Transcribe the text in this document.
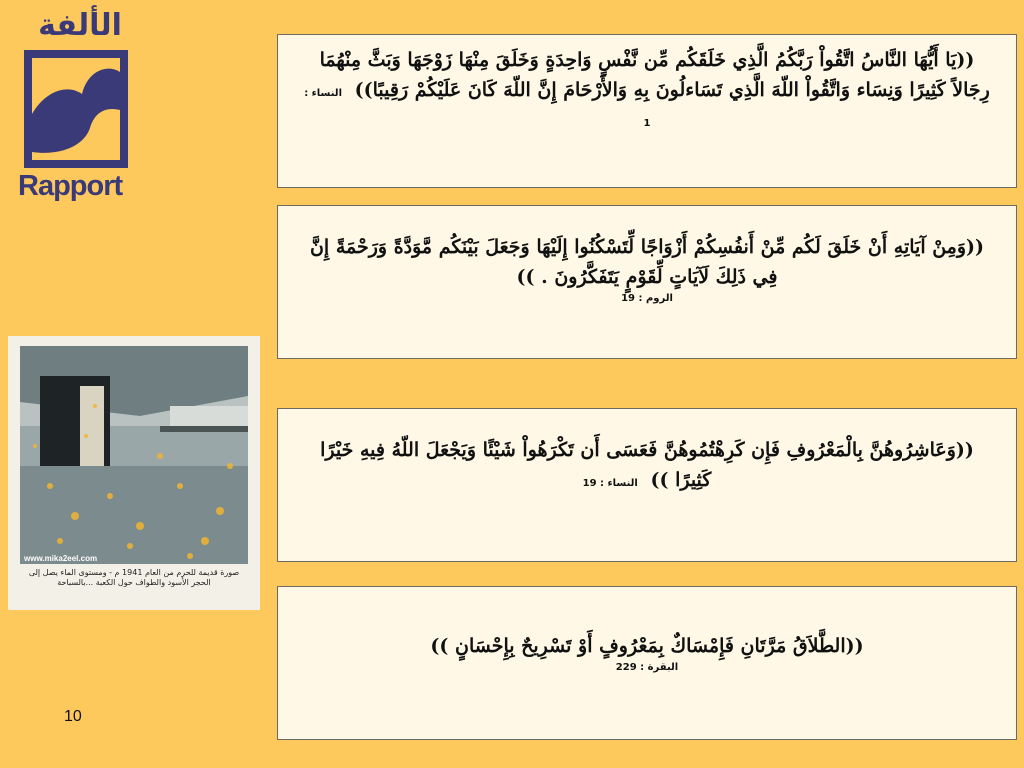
الألفة
Rapport
www.mika2eel.com
صورة قديمة للحرم من العام 1941 م - ومستوى الماء يصل إلى الحجر الأسود والطواف حول الكعبة ...بالسباحة
((يَا أَيُّهَا النَّاسُ اتَّقُواْ رَبَّكُمُ الَّذِي خَلَقَكُم مِّن نَّفْسٍ وَاحِدَةٍ وَخَلَقَ مِنْهَا زَوْجَهَا وَبَثَّ مِنْهُمَا رِجَالاً كَثِيرًا وَنِسَاء وَاتَّقُواْ اللّهَ الَّذِي تَسَاءلُونَ بِهِ وَالأَرْحَامَ إِنَّ اللّهَ كَانَ عَلَيْكُمْ رَقِيبًا)) النساء : 1
((وَمِنْ آيَاتِهِ أَنْ خَلَقَ لَكُم مِّنْ أَنفُسِكُمْ أَزْوَاجًا لِّتَسْكُنُوا إِلَيْهَا وَجَعَلَ بَيْنَكُم مَّوَدَّةً وَرَحْمَةً إِنَّ فِي ذَلِكَ لَآيَاتٍ لِّقَوْمٍ يَتَفَكَّرُونَ . ))
الروم : 19
((وَعَاشِرُوهُنَّ بِالْمَعْرُوفِ فَإِن كَرِهْتُمُوهُنَّ فَعَسَى أَن تَكْرَهُواْ شَيْئًا وَيَجْعَلَ اللّهُ فِيهِ خَيْرًا كَثِيرًا )) النساء : 19
((الطَّلاَقُ مَرَّتَانِ فَإِمْسَاكٌ بِمَعْرُوفٍ أَوْ تَسْرِيحٌ بِإِحْسَانٍ ))
البقرة : 229
10
